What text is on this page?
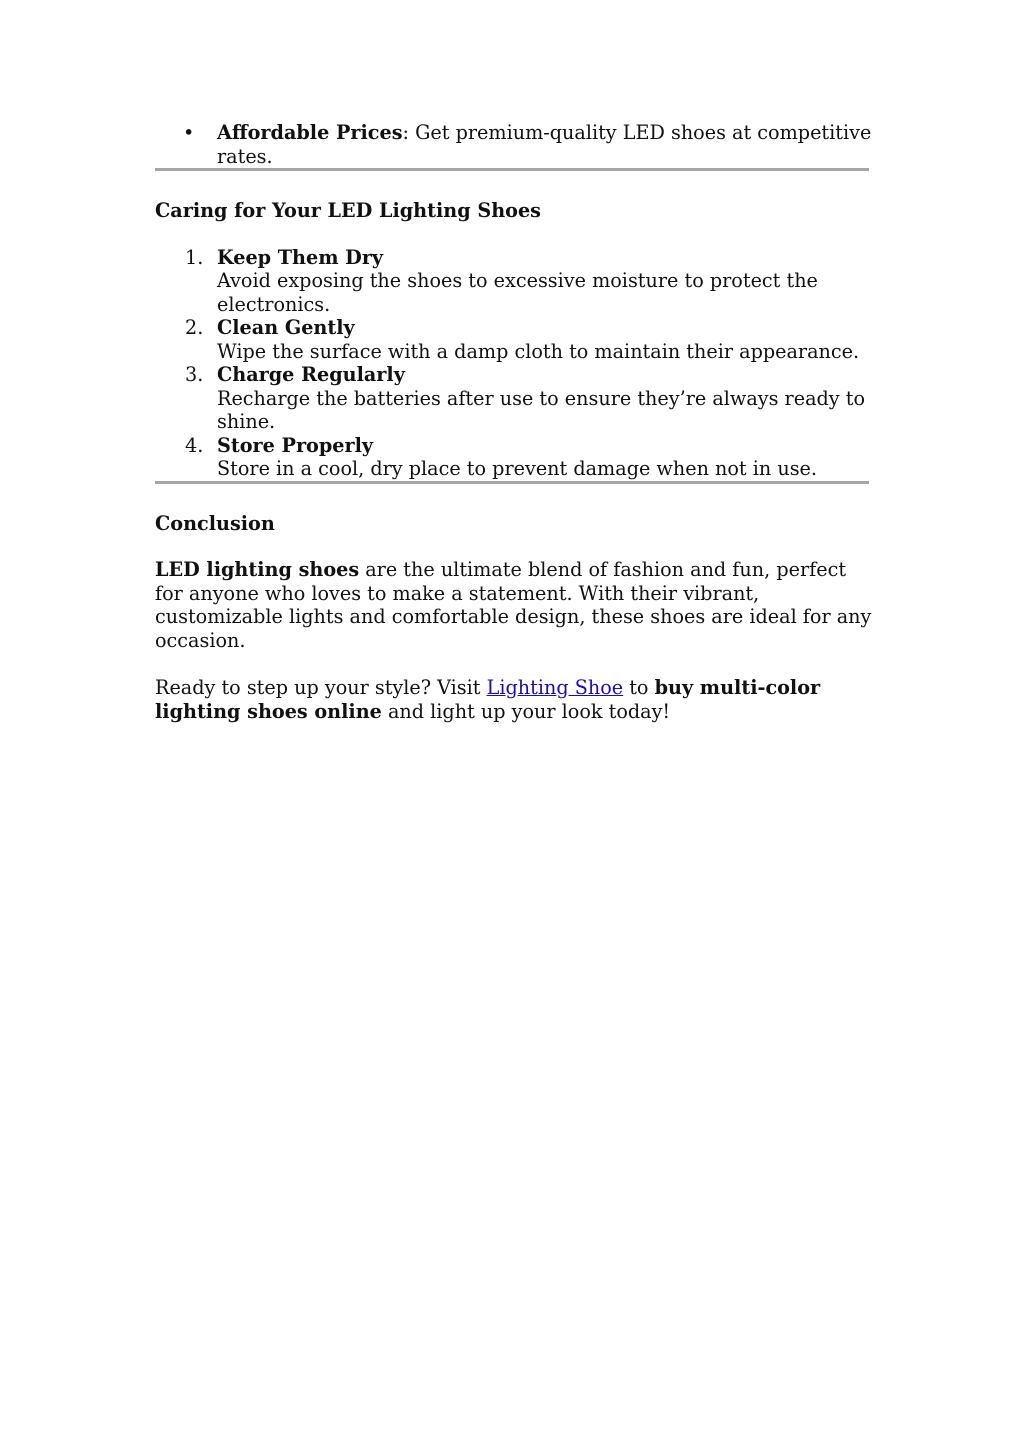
• Affordable Prices: Get premium-quality LED shoes at competitive rates.

Caring for Your LED Lighting Shoes

1. Keep Them Dry
Avoid exposing the shoes to excessive moisture to protect the electronics.
2. Clean Gently
Wipe the surface with a damp cloth to maintain their appearance.
3. Charge Regularly
Recharge the batteries after use to ensure they’re always ready to shine.
4. Store Properly
Store in a cool, dry place to prevent damage when not in use.

Conclusion

LED lighting shoes are the ultimate blend of fashion and fun, perfect for anyone who loves to make a statement. With their vibrant, customizable lights and comfortable design, these shoes are ideal for any occasion.

Ready to step up your style? Visit Lighting Shoe to buy multi-color lighting shoes online and light up your look today!
